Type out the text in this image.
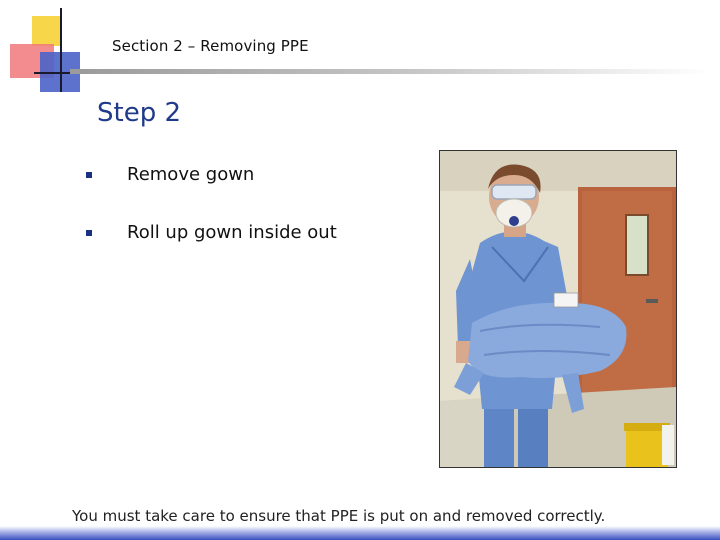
Section 2 – Removing PPE
Step 2
Remove gown
Roll up gown inside out
You must take care to ensure that PPE is put on and removed correctly.
